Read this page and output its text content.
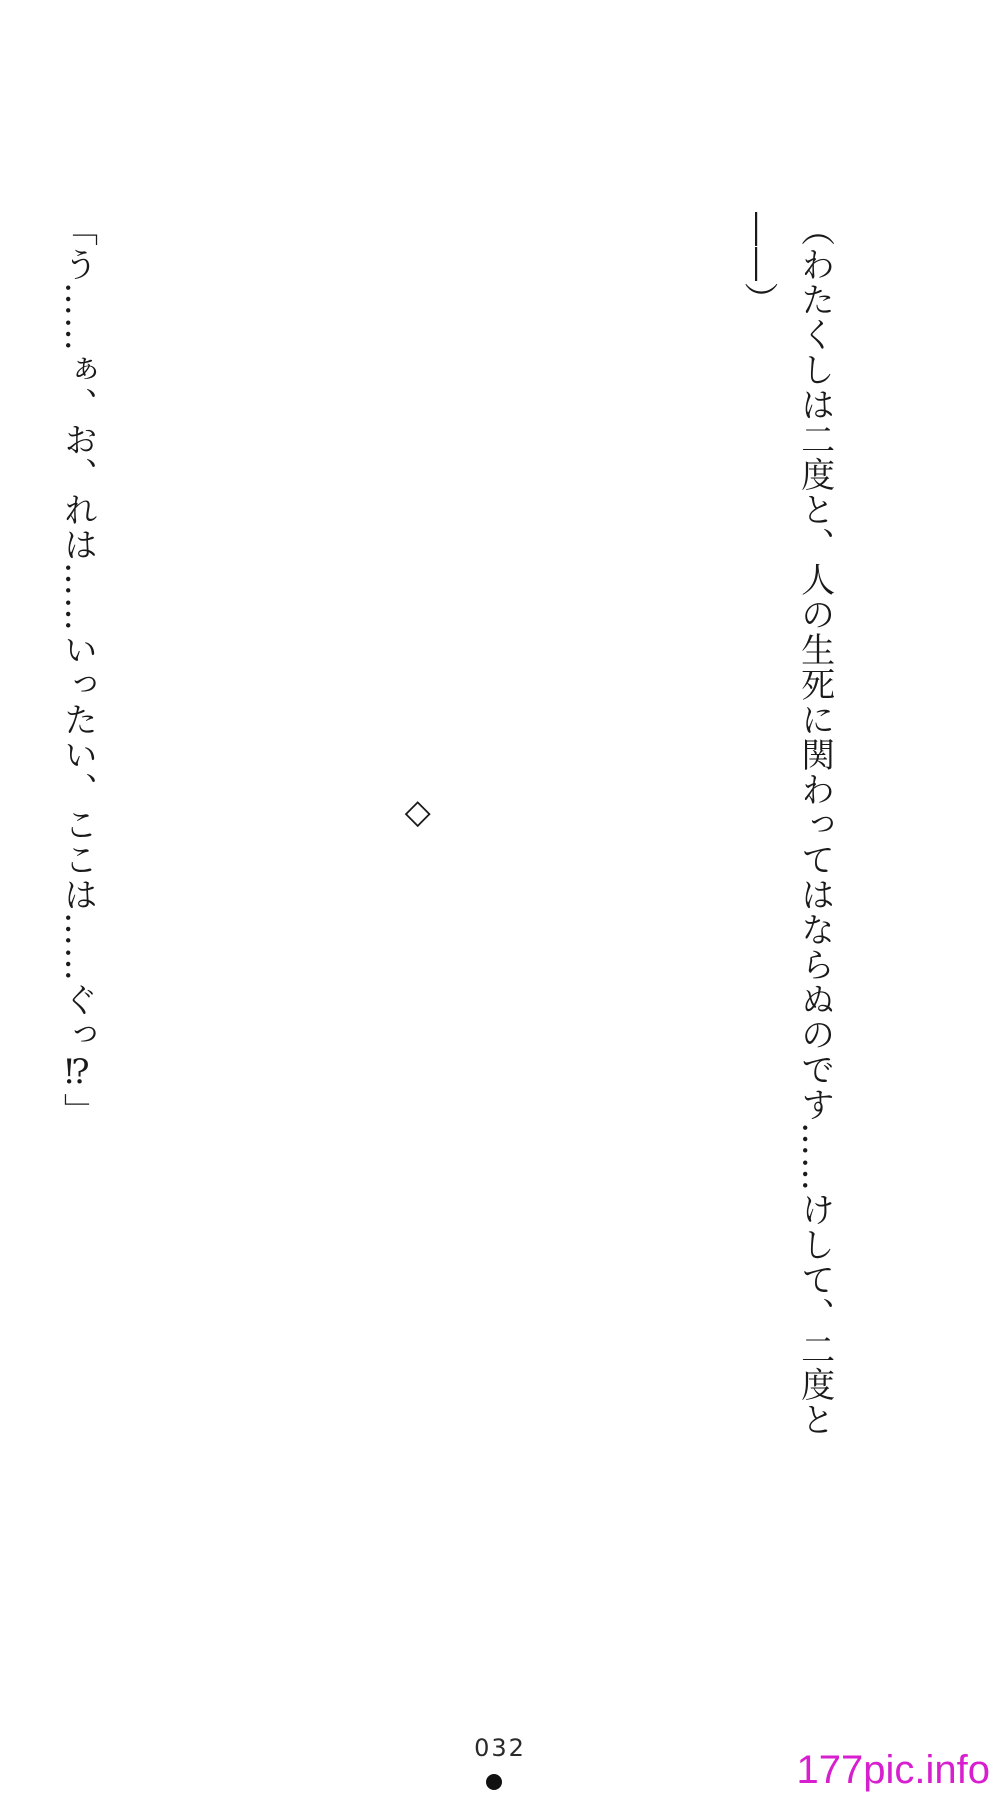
（わたくしは二度と、人の生死に関わってはならぬのです……けして、二度と――）

◇

「う……ぁ、お、れは……いったい、ここは……ぐっ⁉」

032	177pic.info
